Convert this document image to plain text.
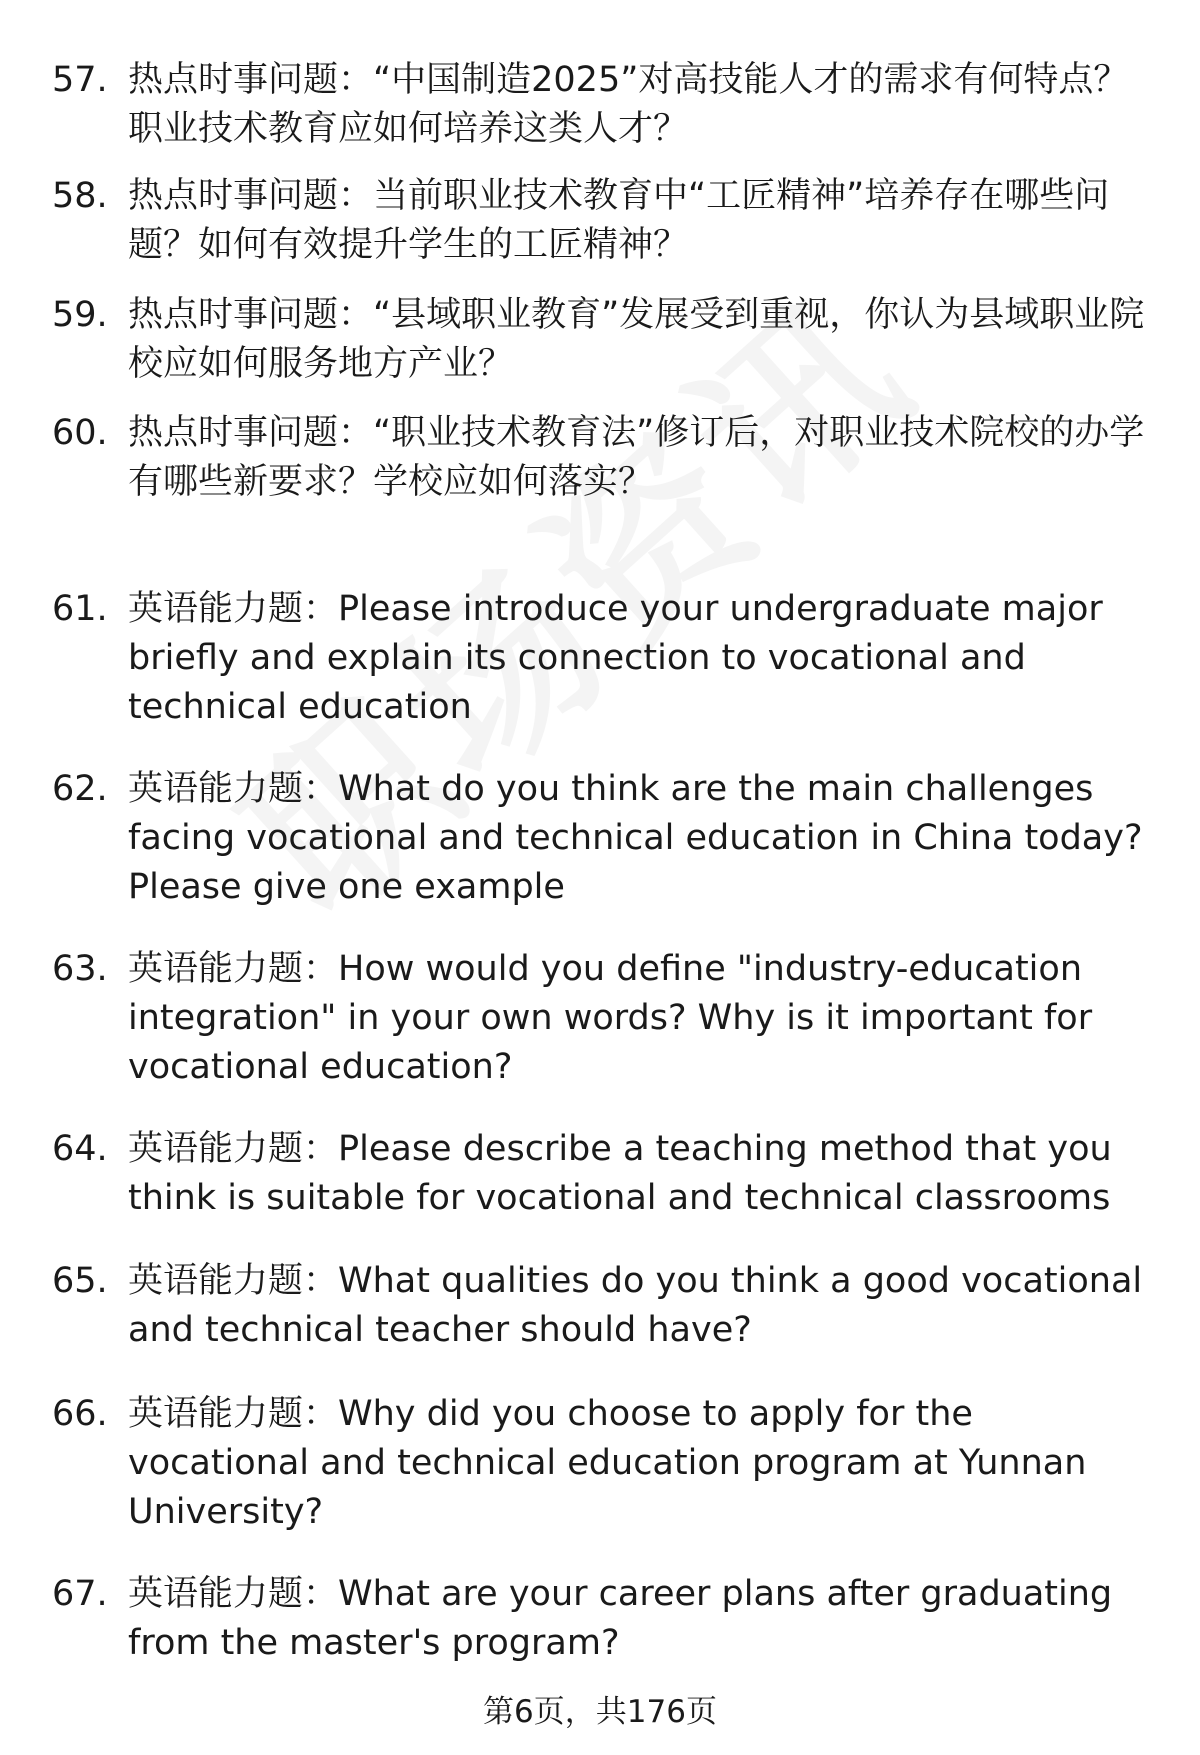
57. 热点时事问题：“中国制造2025”对高技能人才的需求有何特点？职业技术教育应如何培养这类人才？
58. 热点时事问题：当前职业技术教育中“工匠精神”培养存在哪些问题？如何有效提升学生的工匠精神？
59. 热点时事问题：“县域职业教育”发展受到重视，你认为县域职业院校应如何服务地方产业？
60. 热点时事问题：“职业技术教育法”修订后，对职业技术院校的办学有哪些新要求？学校应如何落实？
61. 英语能力题：Please introduce your undergraduate major briefly and explain its connection to vocational and technical education
62. 英语能力题：What do you think are the main challenges facing vocational and technical education in China today? Please give one example
63. 英语能力题：How would you define "industry-education integration" in your own words? Why is it important for vocational education?
64. 英语能力题：Please describe a teaching method that you think is suitable for vocational and technical classrooms
65. 英语能力题：What qualities do you think a good vocational and technical teacher should have?
66. 英语能力题：Why did you choose to apply for the vocational and technical education program at Yunnan University?
67. 英语能力题：What are your career plans after graduating from the master's program?
第6页，共176页
